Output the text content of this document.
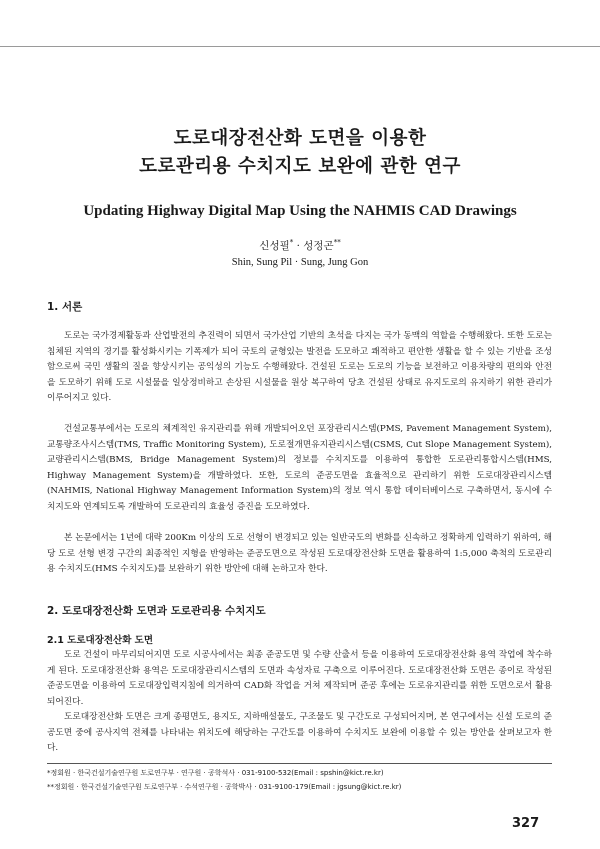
도로대장전산화 도면을 이용한
도로관리용 수치지도 보완에 관한 연구
Updating Highway Digital Map Using the NAHMIS CAD Drawings
신성필* · 성정곤**
Shin, Sung Pil · Sung, Jung Gon
1. 서론

도로는 국가경제활동과 산업발전의 추진력이 되면서 국가산업 기반의 초석을 다지는 국가 동맥의 역할을 수행해왔다. 또한 도로는 침체된 지역의 경기를 활성화시키는 기폭제가 되어 국토의 균형있는 발전을 도모하고 쾌적하고 편안한 생활을 할 수 있는 기반을 조성함으로써 국민 생활의 질을 향상시키는 공익성의 기능도 수행해왔다. 건설된 도로는 도로의 기능을 보전하고 이용차량의 편의와 안전을 도모하기 위해 도로 시설물을 일상정비하고 손상된 시설물을 원상 복구하여 당초 건설된 상태로 유지도로의 유지하기 위한 관리가 이루어지고 있다.

건설교통부에서는 도로의 체계적인 유지관리를 위해 개발되어오던 포장관리시스템(PMS, Pavement Management System), 교통량조사시스템(TMS, Traffic Monitoring System), 도로절개면유지관리시스템(CSMS, Cut Slope Management System), 교량관리시스템(BMS, Bridge Management System)의 정보를 수치지도를 이용하여 통합한 도로관리통합시스템(HMS, Highway Management System)을 개발하였다. 또한, 도로의 준공도면을 효율적으로 관리하기 위한 도로대장관리시스템(NAHMIS, National Highway Management Information System)의 정보 역시 통합 데이터베이스로 구축하면서, 동시에 수치지도와 연계되도록 개발하여 도로관리의 효율성 증진을 도모하였다.

본 논문에서는 1년에 대략 200Km 이상의 도로 선형이 변경되고 있는 일반국도의 변화를 신속하고 정확하게 입력하기 위하여, 해당 도로 선형 변경 구간의 최종적인 지형을 반영하는 준공도면으로 작성된 도로대장전산화 도면을 활용하여 1:5,000 축척의 도로관리용 수치지도(HMS 수치지도)를 보완하기 위한 방안에 대해 논하고자 한다.

2. 도로대장전산화 도면과 도로관리용 수치지도
2.1 도로대장전산화 도면

도로 건설이 마무리되어지면 도로 시공사에서는 최종 준공도면 및 수량 산출서 등을 이용하여 도로대장전산화 용역 작업에 착수하게 된다. 도로대장전산화 용역은 도로대장관리시스템의 도면과 속성자료 구축으로 이루어진다. 도로대장전산화 도면은 종이로 작성된 준공도면을 이용하여 도로대장입력지침에 의거하여 CAD화 작업을 거쳐 제작되며 준공 후에는 도로유지관리를 위한 도면으로서 활용되어진다.

도로대장전산화 도면은 크게 종평면도, 용지도, 지하매설물도, 구조물도 및 구간도로 구성되어지며, 본 연구에서는 신설 도로의 준공도면 중에 공사지역 전체를 나타내는 위치도에 해당하는 구간도를 이용하여 수치지도 보완에 이용할 수 있는 방안을 살펴보고자 한다.

*정회원 · 한국건설기술연구원 도로연구부 · 연구원 · 공학석사 · 031-9100-532(Email : spshin@kict.re.kr)
**정회원 · 한국건설기술연구원 도로연구부 · 수석연구원 · 공학박사 · 031-9100-179(Email : jgsung@kict.re.kr)
327
